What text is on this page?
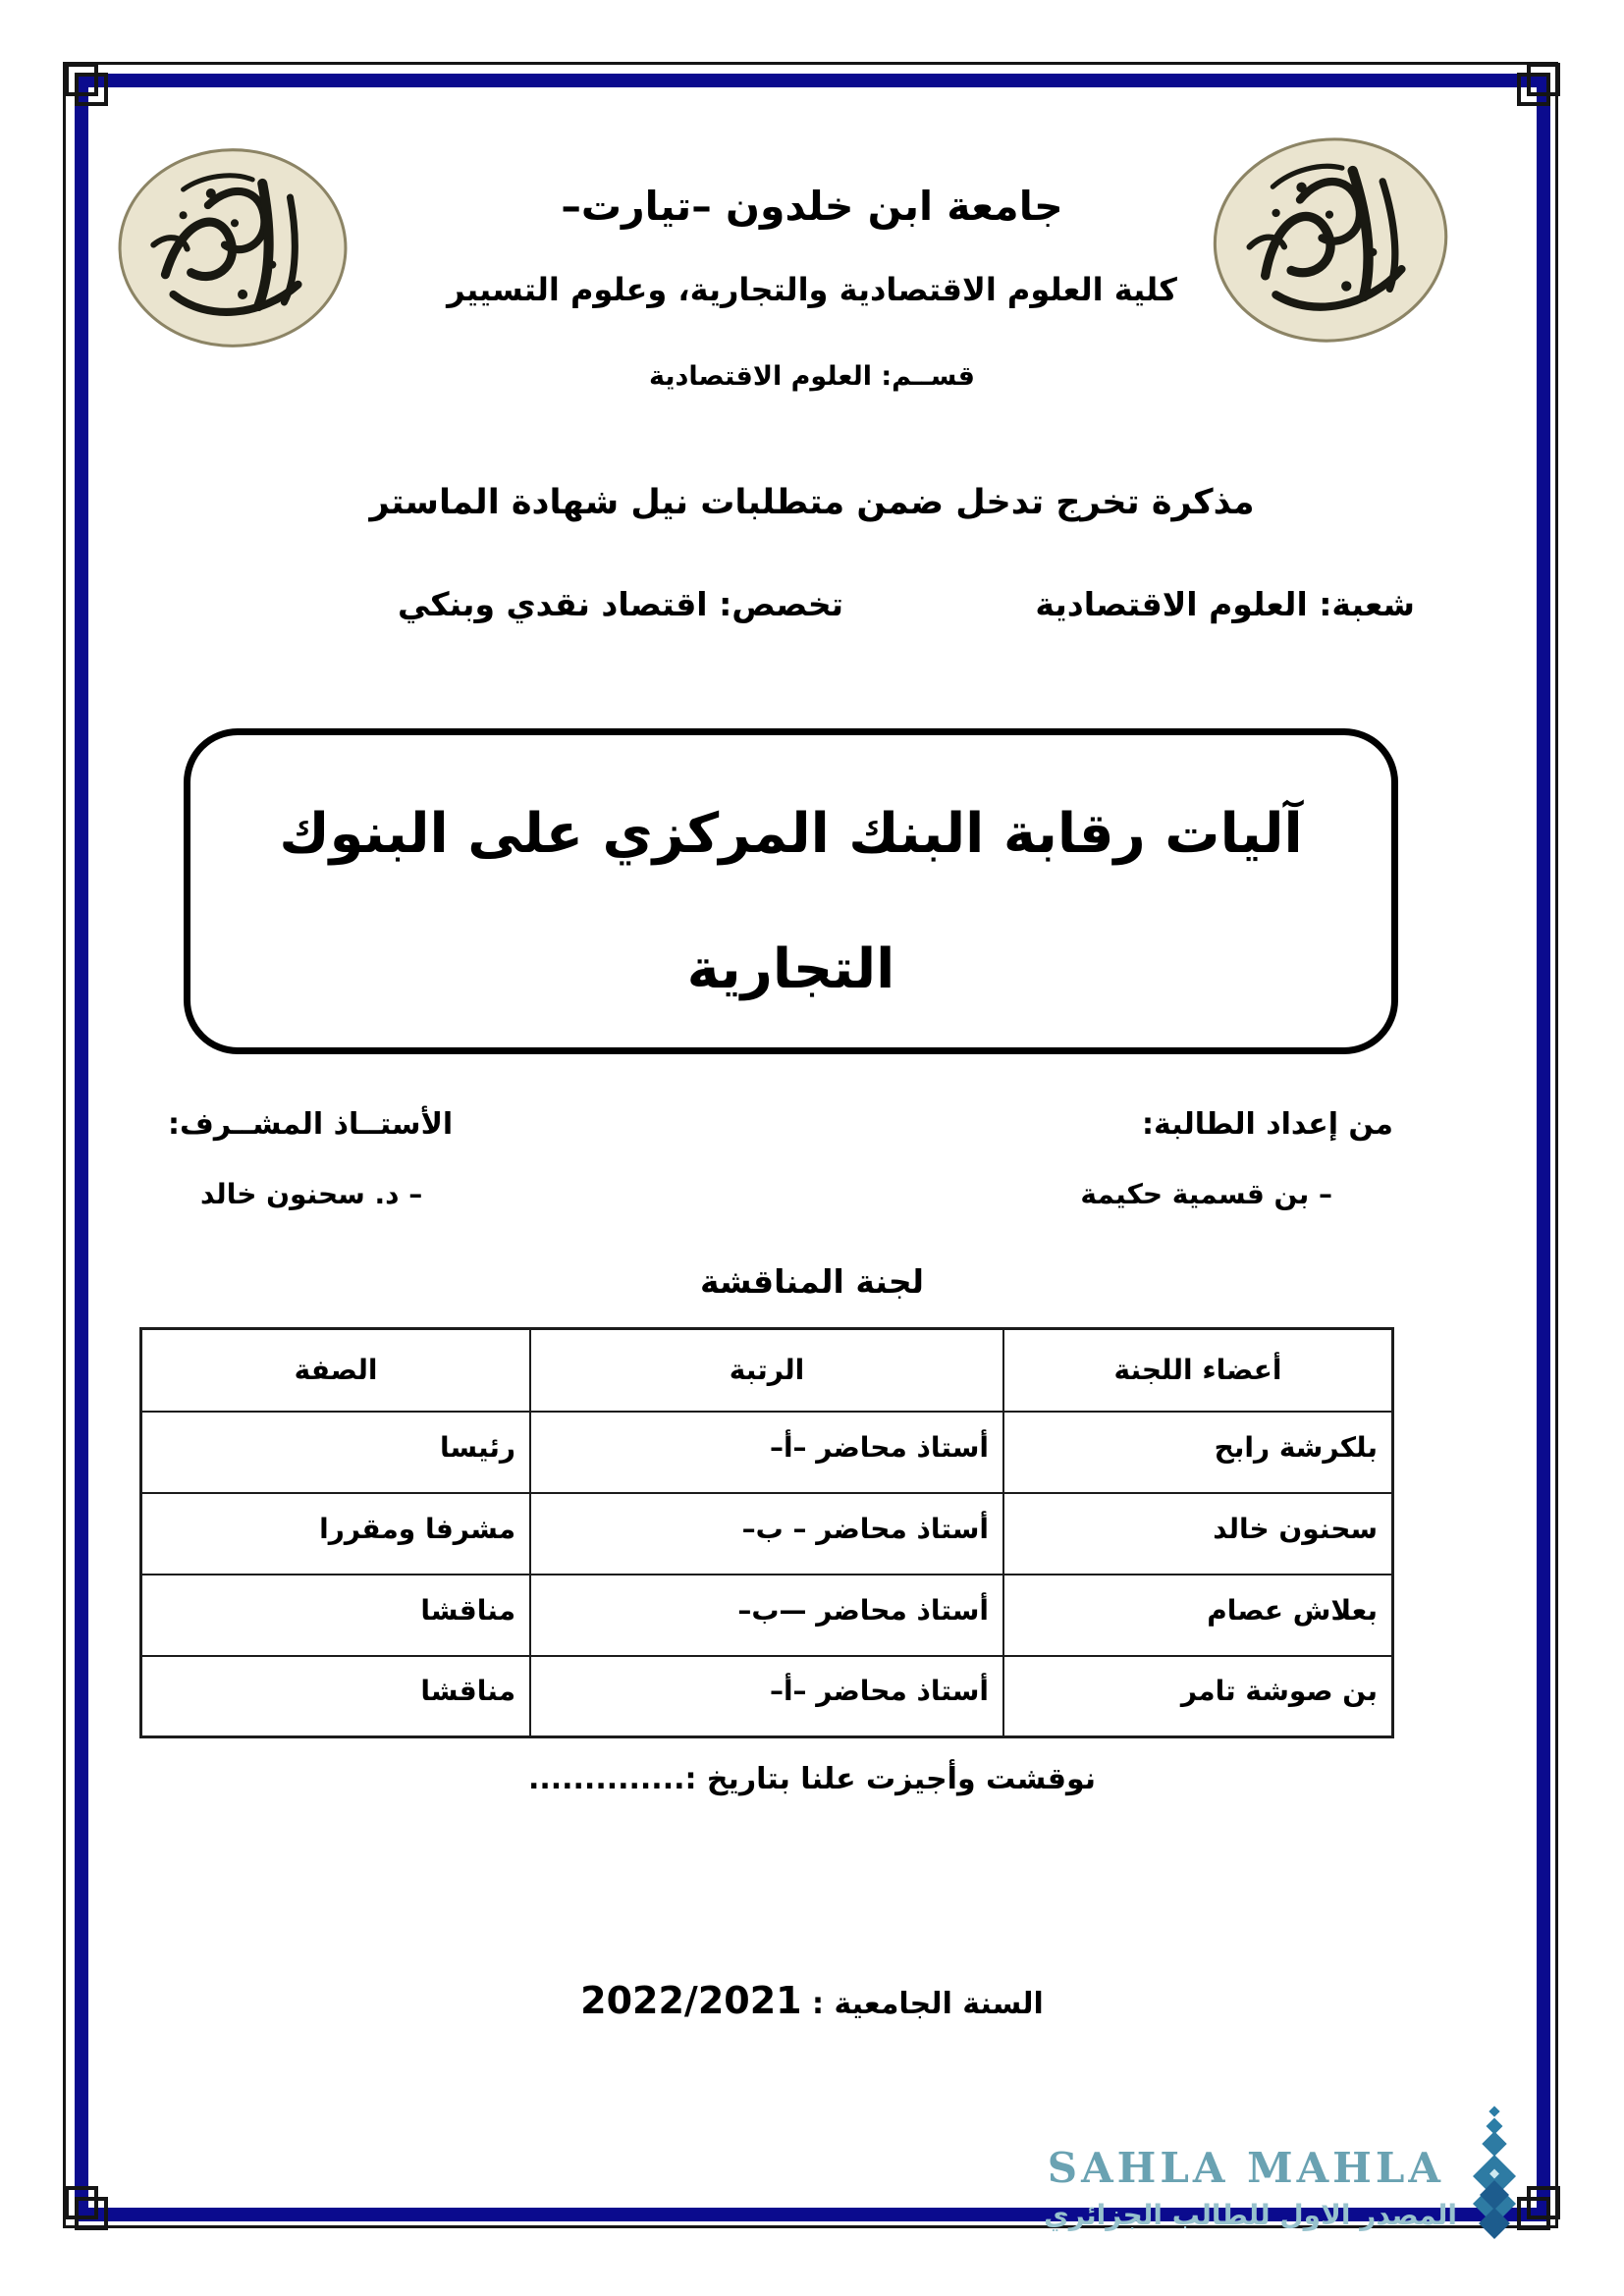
جامعة ابن خلدون –تيارت–
كلية العلوم الاقتصادية والتجارية، وعلوم التسيير
قســم: العلوم الاقتصادية
مذكرة تخرج تدخل ضمن متطلبات نيل شهادة الماستر
شعبة: العلوم الاقتصادية
تخصص: اقتصاد نقدي وبنكي
آليات رقابة البنك المركزي على البنوك
التجارية
من إعداد الطالبة:
الأستــاذ المشــرف:
– بن قسمية حكيمة
– د. سحنون خالد
لجنة المناقشة
أعضاء اللجنة	الرتبة	الصفة
بلكرشة رابح	أستاذ محاضر –أ–	رئيسا
سحنون خالد	أستاذ محاضر – ب–	مشرفا ومقررا
بعلاش عصام	أستاذ محاضر —ب–	مناقشا
بن صوشة تامر	أستاذ محاضر –أ–	مناقشا
نوقشت وأجيزت علنا بتاريخ :..............
السنة الجامعية : 2022/2021
SAHLA MAHLA
المصدر الاول للطالب الجزائري
